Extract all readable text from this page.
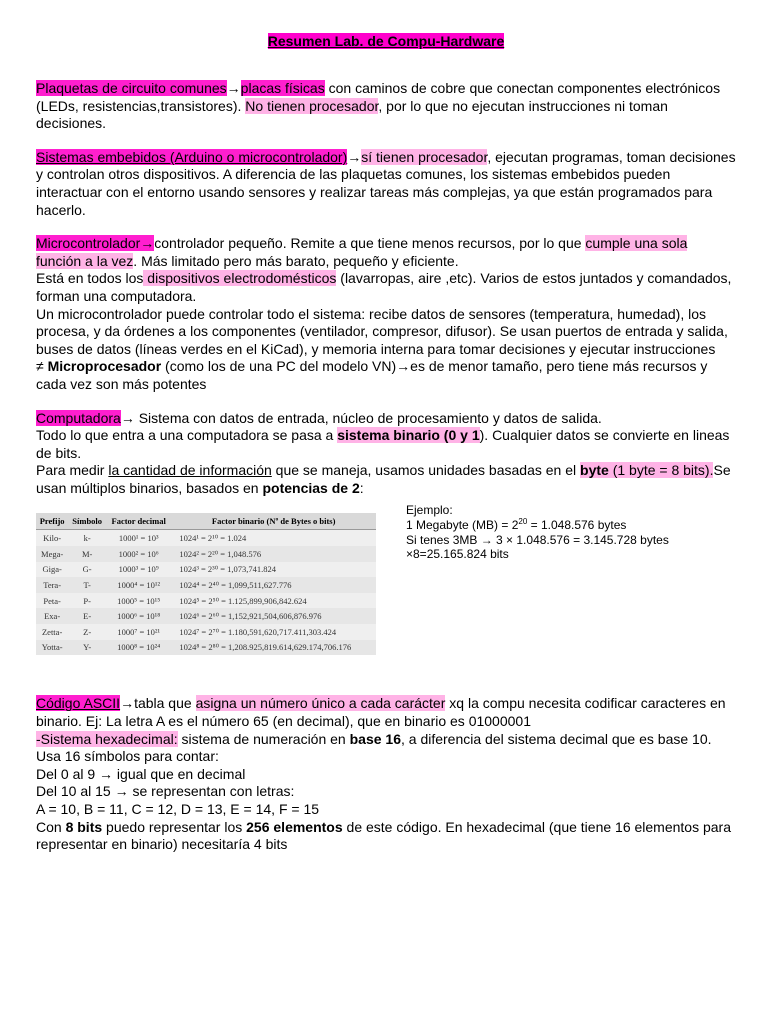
Resumen Lab. de Compu-Hardware

Plaquetas de circuito comunes→placas físicas con caminos de cobre que conectan componentes electrónicos (LEDs, resistencias,transistores). No tienen procesador, por lo que no ejecutan instrucciones ni toman decisiones.

Sistemas embebidos (Arduino o microcontrolador)→sí tienen procesador, ejecutan programas, toman decisiones y controlan otros dispositivos. A diferencia de las plaquetas comunes, los sistemas embebidos pueden interactuar con el entorno usando sensores y realizar tareas más complejas, ya que están programados para hacerlo.

Microcontrolador→controlador pequeño. Remite a que tiene menos recursos, por lo que cumple una sola función a la vez. Más limitado pero más barato, pequeño y eficiente.
Está en todos los dispositivos electrodomésticos (lavarropas, aire ,etc). Varios de estos juntados y comandados, forman una computadora.
Un microcontrolador puede controlar todo el sistema: recibe datos de sensores (temperatura, humedad), los procesa, y da órdenes a los componentes (ventilador, compresor, difusor). Se usan puertos de entrada y salida, buses de datos (líneas verdes en el KiCad), y memoria interna para tomar decisiones y ejecutar instrucciones
≠ Microprocesador (como los de una PC del modelo VN)→es de menor tamaño, pero tiene más recursos y cada vez son más potentes

Computadora→ Sistema con datos de entrada, núcleo de procesamiento y datos de salida.
Todo lo que entra a una computadora se pasa a sistema binario (0 y 1). Cualquier datos se convierte en lineas de bits.
Para medir la cantidad de información que se maneja, usamos unidades basadas en el byte (1 byte = 8 bits).Se usan múltiplos binarios, basados en potencias de 2:

Prefijo	Símbolo	Factor decimal	Factor binario (Nº de Bytes o bits)
Kilo-	k-	1000¹ = 10³	1024¹ = 2¹⁰ = 1.024
Mega-	M-	1000² = 10⁶	1024² = 2²⁰ = 1,048.576
Giga-	G-	1000³ = 10⁹	1024³ = 2³⁰ = 1,073,741.824
Tera-	T-	1000⁴ = 10¹²	1024⁴ = 2⁴⁰ = 1,099,511,627.776
Peta-	P-	1000⁵ = 10¹⁵	1024⁵ = 2⁵⁰ = 1.125,899,906,842.624
Exa-	E-	1000⁶ = 10¹⁸	1024⁶ = 2⁶⁰ = 1,152,921,504,606,876.976
Zetta-	Z-	1000⁷ = 10²¹	1024⁷ = 2⁷⁰ = 1.180,591,620,717.411,303.424
Yotta-	Y-	1000⁸ = 10²⁴	1024⁸ = 2⁸⁰ = 1,208.925,819.614,629.174,706.176
Ejemplo:
1 Megabyte $(MB) = 2^{20} = 1.048.576$ bytes
Si tenes 3MB → 3 × 1.048.576 = 3.145.728 bytes
×8=25.165.824 bits

Código ASCII→tabla que asigna un número único a cada carácter xq la compu necesita codificar caracteres en binario. Ej: La letra A es el número 65 (en decimal), que en binario es 01000001
-Sistema hexadecimal: sistema de numeración en base 16, a diferencia del sistema decimal que es base 10.
Usa 16 símbolos para contar:
Del 0 al 9 → igual que en decimal
Del 10 al 15 → se representan con letras:
A = 10, B = 11, C = 12, D = 13, E = 14, F = 15
Con 8 bits puedo representar los 256 elementos de este código. En hexadecimal (que tiene 16 elementos para representar en binario) necesitaría 4 bits
